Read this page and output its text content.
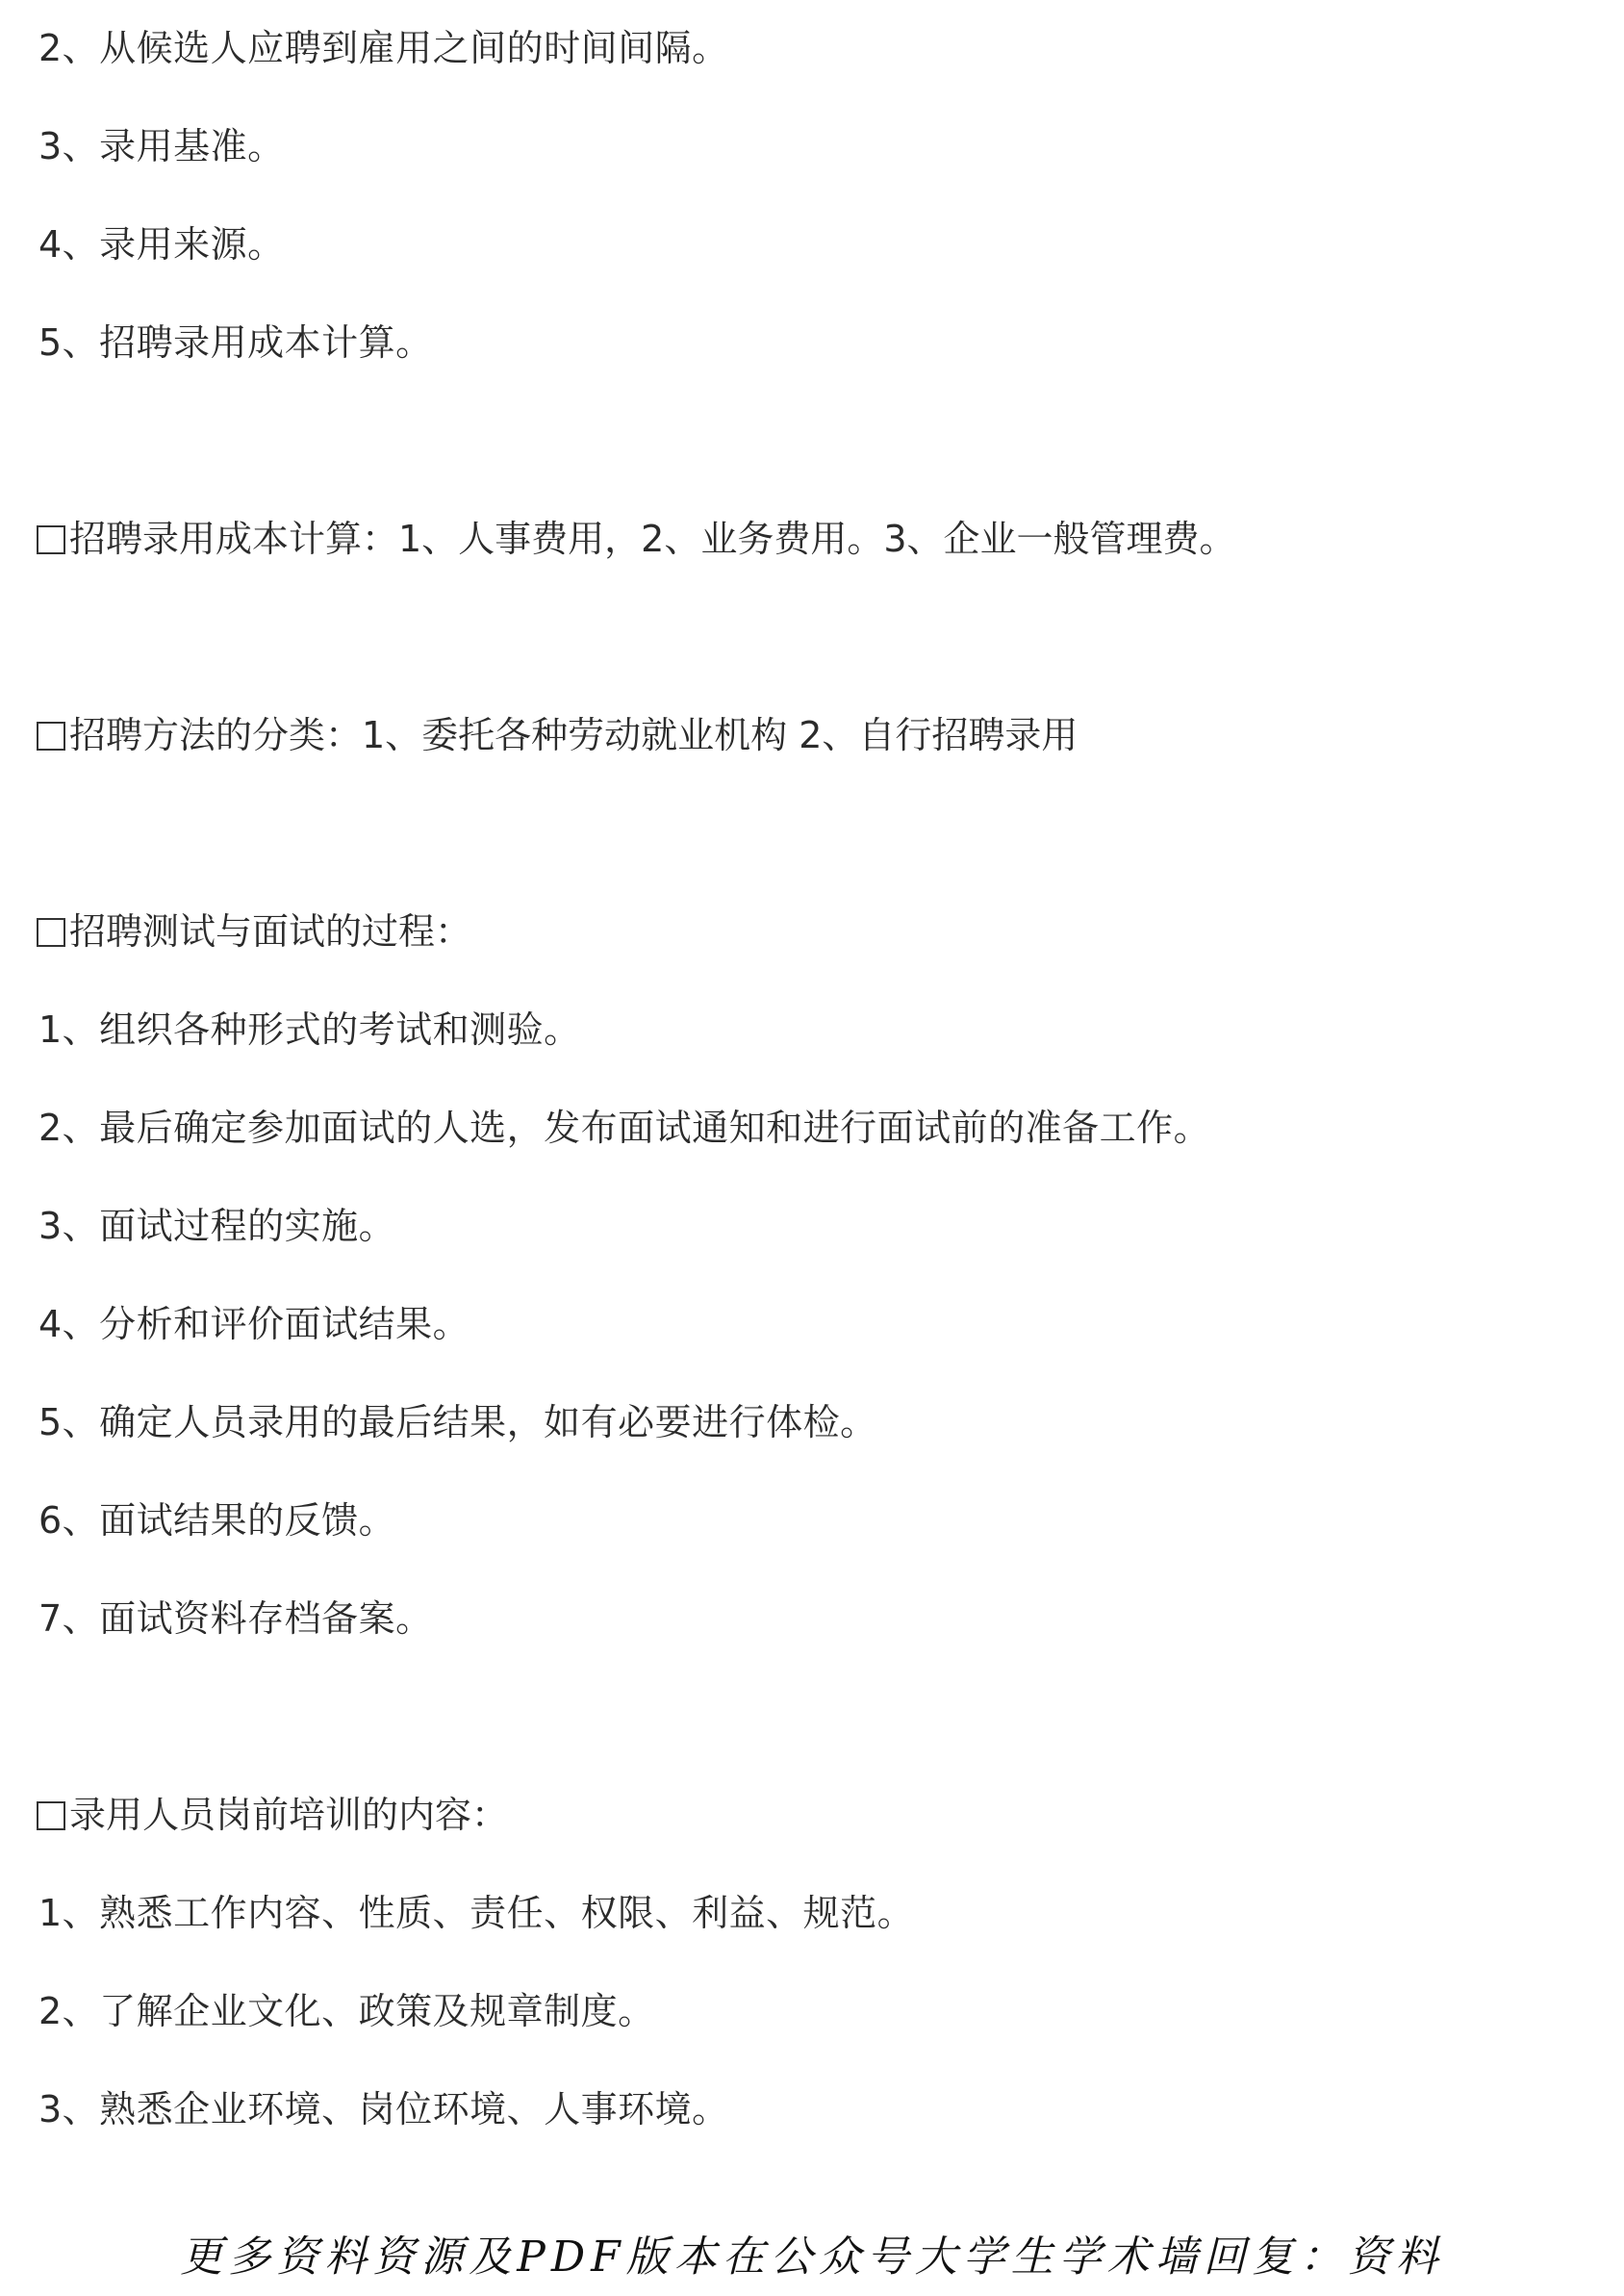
2、从候选人应聘到雇用之间的时间间隔。
3、录用基准。
4、录用来源。
5、招聘录用成本计算。
招聘录用成本计算：1、人事费用，2、业务费用。3、企业一般管理费。
招聘方法的分类：1、委托各种劳动就业机构 2、自行招聘录用
招聘测试与面试的过程：
1、组织各种形式的考试和测验。
2、最后确定参加面试的人选，发布面试通知和进行面试前的准备工作。
3、面试过程的实施。
4、分析和评价面试结果。
5、确定人员录用的最后结果，如有必要进行体检。
6、面试结果的反馈。
7、面试资料存档备案。
录用人员岗前培训的内容：
1、熟悉工作内容、性质、责任、权限、利益、规范。
2、了解企业文化、政策及规章制度。
3、熟悉企业环境、岗位环境、人事环境。
更多资料资源及PDF版本在公众号大学生学术墙回复：资料
